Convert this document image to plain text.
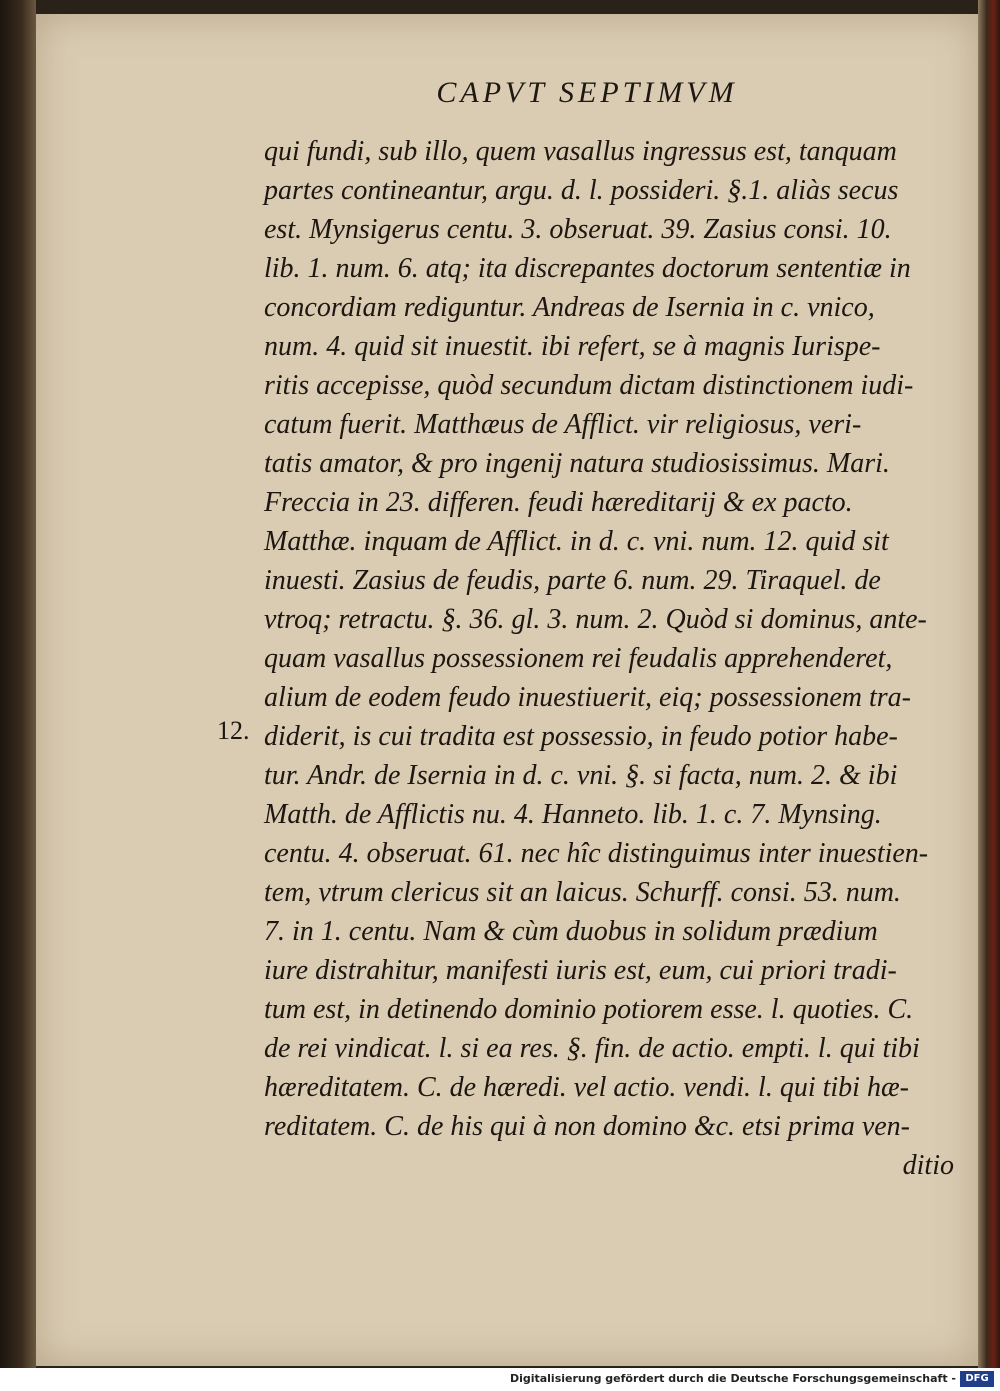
CAPVT SEPTIMVM
12.
qui fundi, sub illo, quem vasallus ingressus est, tanquam
partes contineantur, argu. d. l. possideri. §.1. aliàs secus
est. Mynsigerus centu. 3. obseruat. 39. Zasius consi. 10.
lib. 1. num. 6. atq; ita discrepantes doctorum sententiæ in
concordiam rediguntur. Andreas de Isernia in c. vnico,
num. 4. quid sit inuestit. ibi refert, se à magnis Iurispe-
ritis accepisse, quòd secundum dictam distinctionem iudi-
catum fuerit. Matthæus de Afflict. vir religiosus, veri-
tatis amator, & pro ingenij natura studiosissimus. Mari.
Freccia in 23. differen. feudi hæreditarij & ex pacto.
Matthæ. inquam de Afflict. in d. c. vni. num. 12. quid sit
inuesti. Zasius de feudis, parte 6. num. 29. Tiraquel. de
vtroq; retractu. §. 36. gl. 3. num. 2. Quòd si dominus, ante-
quam vasallus possessionem rei feudalis apprehenderet,
alium de eodem feudo inuestiuerit, eiq; possessionem tra-
diderit, is cui tradita est possessio, in feudo potior habe-
tur. Andr. de Isernia in d. c. vni. §. si facta, num. 2. & ibi
Matth. de Afflictis nu. 4. Hanneto. lib. 1. c. 7. Mynsing.
centu. 4. obseruat. 61. nec hîc distinguimus inter inuestien-
tem, vtrum clericus sit an laicus. Schurff. consi. 53. num.
7. in 1. centu. Nam & cùm duobus in solidum prædium
iure distrahitur, manifesti iuris est, eum, cui priori tradi-
tum est, in detinendo dominio potiorem esse. l. quoties. C.
de rei vindicat. l. si ea res. §. fin. de actio. empti. l. qui tibi
hæreditatem. C. de hæredi. vel actio. vendi. l. qui tibi hæ-
reditatem. C. de his qui à non domino &c. etsi prima ven-
ditio
Digitalisierung gefördert durch die Deutsche Forschungsgemeinschaft - DFG
